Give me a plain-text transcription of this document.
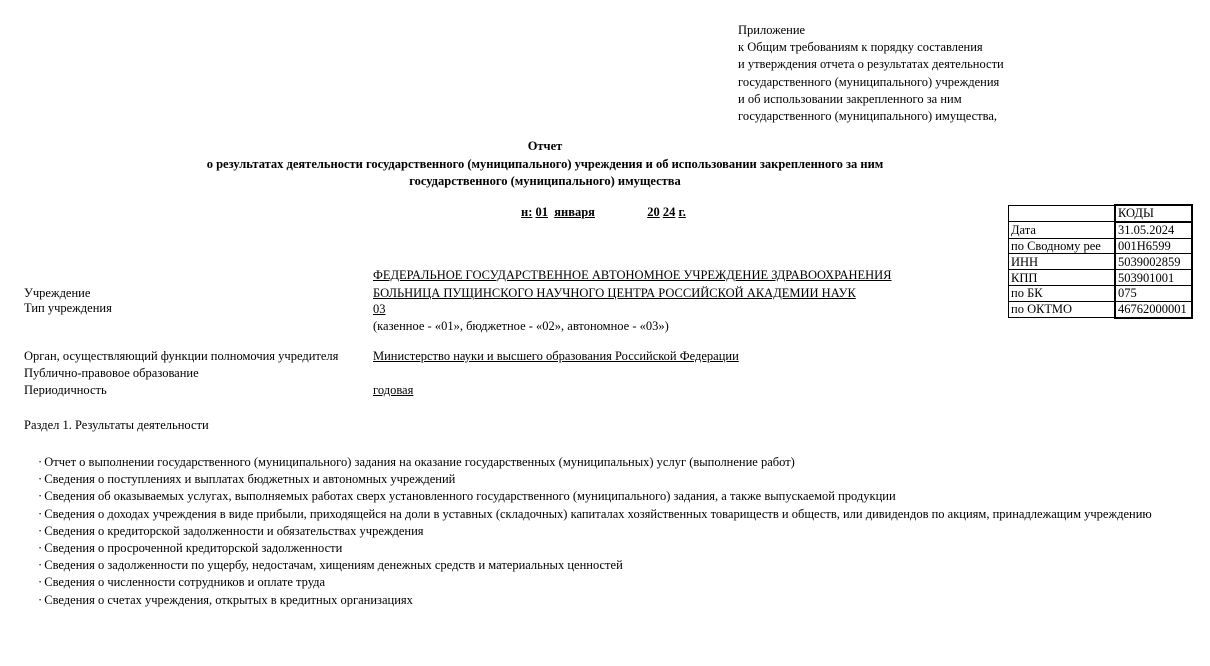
Приложение
к Общим требованиям к порядку составления
и утверждения отчета о результатах деятельности
государственного (муниципального) учреждения
и об использовании закрепленного за ним
государственного (муниципального) имущества,
Отчет
о результатах деятельности государственного (муниципального) учреждения и об использовании закрепленного за ним
государственного (муниципального) имущества
н: 01 января	20 24 г.
		КОДЫ
Дата	31.05.2024
по Сводному рее	001Н6599
ИНН	5039002859
КПП	503901001
по БК	075
по ОКТМО	46762000001
ФЕДЕРАЛЬНОЕ ГОСУДАРСТВЕННОЕ АВТОНОМНОЕ УЧРЕЖДЕНИЕ ЗДРАВООХРАНЕНИЯ
Учреждение	БОЛЬНИЦА ПУЩИНСКОГО НАУЧНОГО ЦЕНТРА РОССИЙСКОЙ АКАДЕМИИ НАУК
Тип учреждения	03
(казенное - «01», бюджетное - «02», автономное - «03»)
Орган, осуществляющий функции полномочия учредителя	Министерство науки и высшего образования Российской Федерации
Публично-правовое образование
Периодичность	годовая
Раздел 1. Результаты деятельности
· Отчет о выполнении государственного (муниципального) задания на оказание государственных (муниципальных) услуг (выполнение работ)
· Сведения о поступлениях и выплатах бюджетных и автономных учреждений
· Сведения об оказываемых услугах, выполняемых работах сверх установленного государственного (муниципального) задания, а также выпускаемой продукции
· Сведения о доходах учреждения в виде прибыли, приходящейся на доли в уставных (складочных) капиталах хозяйственных товариществ и обществ, или дивидендов по акциям, принадлежащим учреждению
· Сведения о кредиторской задолженности и обязательствах учреждения
· Сведения о просроченной кредиторской задолженности
· Сведения о задолженности по ущербу, недостачам, хищениям денежных средств и материальных ценностей
· Сведения о численности сотрудников и оплате труда
· Сведения о счетах учреждения, открытых в кредитных организациях
